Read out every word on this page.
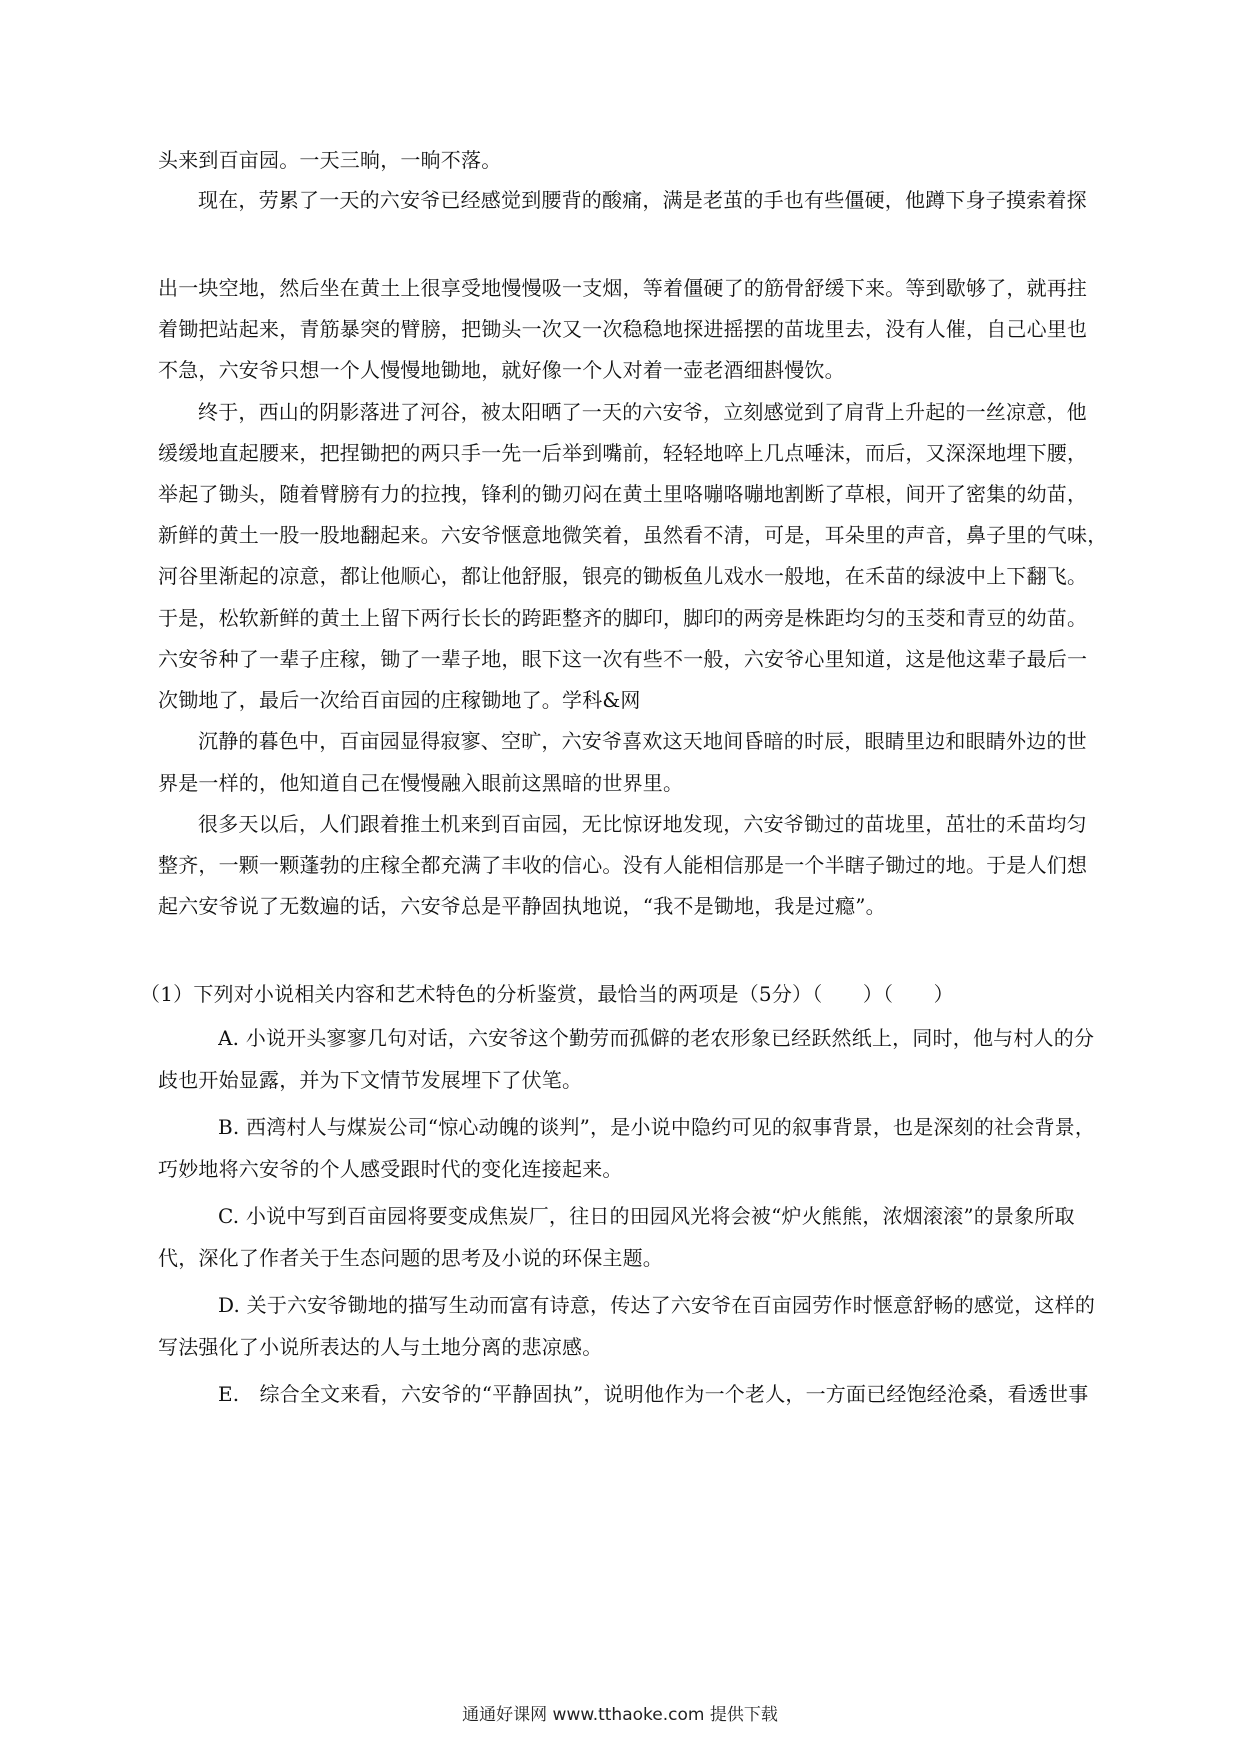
头来到百亩园。一天三晌，一晌不落。
现在，劳累了一天的六安爷已经感觉到腰背的酸痛，满是老茧的手也有些僵硬，他蹲下身子摸索着探
出一块空地，然后坐在黄土上很享受地慢慢吸一支烟，等着僵硬了的筋骨舒缓下来。等到歇够了，就再拄
着锄把站起来，青筋暴突的臂膀，把锄头一次又一次稳稳地探进摇摆的苗垅里去，没有人催，自己心里也
不急，六安爷只想一个人慢慢地锄地，就好像一个人对着一壶老酒细斟慢饮。
终于，西山的阴影落进了河谷，被太阳晒了一天的六安爷，立刻感觉到了肩背上升起的一丝凉意，他
缓缓地直起腰来，把捏锄把的两只手一先一后举到嘴前，轻轻地啐上几点唾沫，而后，又深深地埋下腰，
举起了锄头，随着臂膀有力的拉拽，锋利的锄刃闷在黄土里咯嘣咯嘣地割断了草根，间开了密集的幼苗，
新鲜的黄土一股一股地翻起来。六安爷惬意地微笑着，虽然看不清，可是，耳朵里的声音，鼻子里的气味，
河谷里渐起的凉意，都让他顺心，都让他舒服，银亮的锄板鱼儿戏水一般地，在禾苗的绿波中上下翻飞。
于是，松软新鲜的黄土上留下两行长长的跨距整齐的脚印，脚印的两旁是株距均匀的玉茭和青豆的幼苗。
六安爷种了一辈子庄稼，锄了一辈子地，眼下这一次有些不一般，六安爷心里知道，这是他这辈子最后一
次锄地了，最后一次给百亩园的庄稼锄地了。学科&网
沉静的暮色中，百亩园显得寂寥、空旷，六安爷喜欢这天地间昏暗的时辰，眼睛里边和眼睛外边的世
界是一样的，他知道自己在慢慢融入眼前这黑暗的世界里。
很多天以后，人们跟着推土机来到百亩园，无比惊讶地发现，六安爷锄过的苗垅里，茁壮的禾苗均匀
整齐，一颗一颗蓬勃的庄稼全都充满了丰收的信心。没有人能相信那是一个半瞎子锄过的地。于是人们想
起六安爷说了无数遍的话，六安爷总是平静固执地说，“我不是锄地，我是过瘾”。
（1）下列对小说相关内容和艺术特色的分析鉴赏，最恰当的两项是（5分）（　　）（　　）
A. 小说开头寥寥几句对话，六安爷这个勤劳而孤僻的老农形象已经跃然纸上，同时，他与村人的分
歧也开始显露，并为下文情节发展埋下了伏笔。
B. 西湾村人与煤炭公司“惊心动魄的谈判”，是小说中隐约可见的叙事背景，也是深刻的社会背景，
巧妙地将六安爷的个人感受跟时代的变化连接起来。
C. 小说中写到百亩园将要变成焦炭厂，往日的田园风光将会被“炉火熊熊，浓烟滚滚”的景象所取
代，深化了作者关于生态问题的思考及小说的环保主题。
D. 关于六安爷锄地的描写生动而富有诗意，传达了六安爷在百亩园劳作时惬意舒畅的感觉，这样的
写法强化了小说所表达的人与土地分离的悲凉感。
E.　综合全文来看，六安爷的“平静固执”，说明他作为一个老人，一方面已经饱经沧桑，看透世事
通通好课网 www.tthaoke.com 提供下载
